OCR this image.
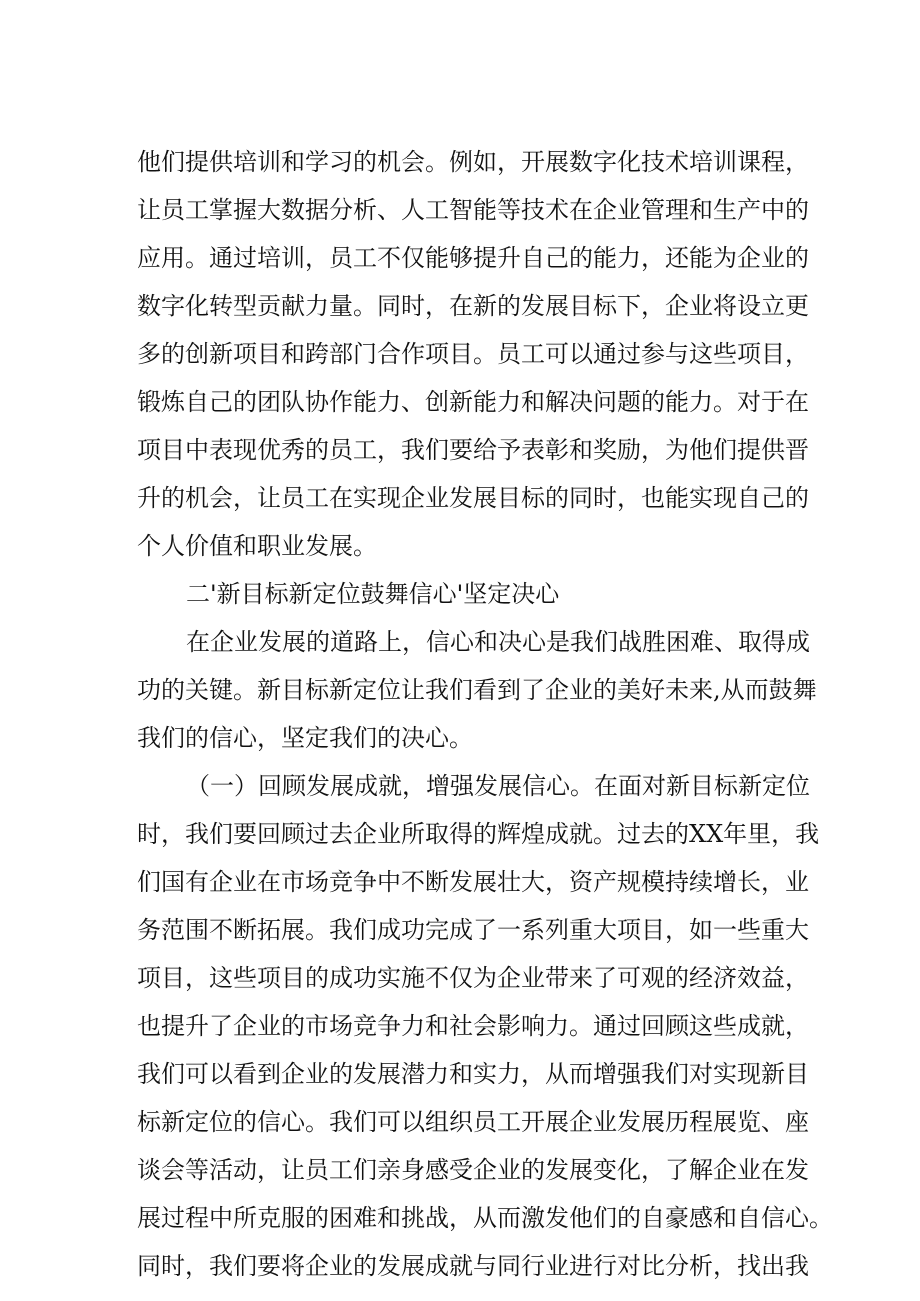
他们提供培训和学习的机会。例如，开展数字化技术培训课程，
让员工掌握大数据分析、人工智能等技术在企业管理和生产中的
应用。通过培训，员工不仅能够提升自己的能力，还能为企业的
数字化转型贡献力量。同时，在新的发展目标下，企业将设立更
多的创新项目和跨部门合作项目。员工可以通过参与这些项目，
锻炼自己的团队协作能力、创新能力和解决问题的能力。对于在
项目中表现优秀的员工，我们要给予表彰和奖励，为他们提供晋
升的机会，让员工在实现企业发展目标的同时，也能实现自己的
个人价值和职业发展。
二'新目标新定位鼓舞信心'坚定决心
在企业发展的道路上，信心和决心是我们战胜困难、取得成
功的关键。新目标新定位让我们看到了企业的美好未来,从而鼓舞
我们的信心，坚定我们的决心。
（一）回顾发展成就，增强发展信心。在面对新目标新定位
时，我们要回顾过去企业所取得的辉煌成就。过去的XX年里，我
们国有企业在市场竞争中不断发展壮大，资产规模持续增长，业
务范围不断拓展。我们成功完成了一系列重大项目，如一些重大
项目，这些项目的成功实施不仅为企业带来了可观的经济效益，
也提升了企业的市场竞争力和社会影响力。通过回顾这些成就，
我们可以看到企业的发展潜力和实力，从而增强我们对实现新目
标新定位的信心。我们可以组织员工开展企业发展历程展览、座
谈会等活动，让员工们亲身感受企业的发展变化，了解企业在发
展过程中所克服的困难和挑战，从而激发他们的自豪感和自信心。
同时，我们要将企业的发展成就与同行业进行对比分析，找出我
